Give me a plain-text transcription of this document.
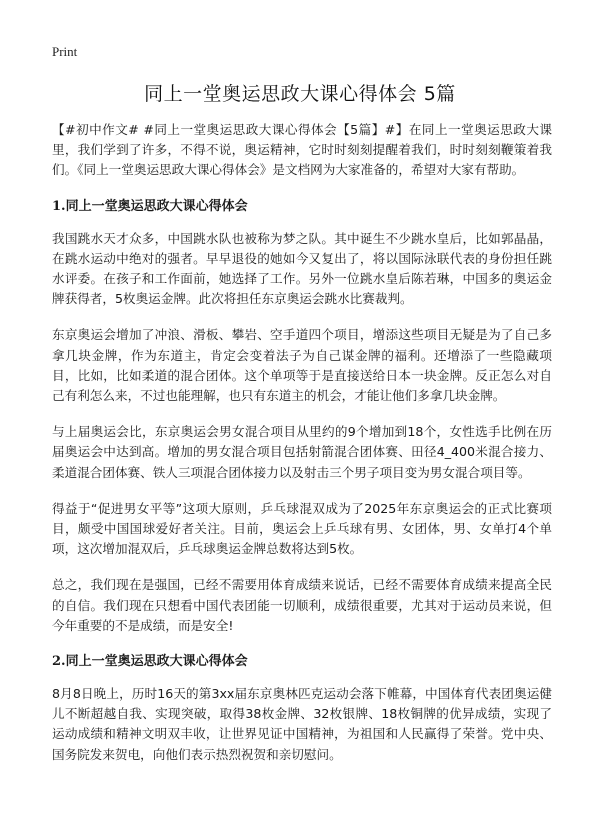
Print
同上一堂奥运思政大课心得体会 5篇

【#初中作文# #同上一堂奥运思政大课心得体会【5篇】#】在同上一堂奥运思政大课里，我们学到了许多，不得不说，奥运精神，它时时刻刻提醒着我们，时时刻刻鞭策着我们。《同上一堂奥运思政大课心得体会》是文档网为大家准备的，希望对大家有帮助。

1.同上一堂奥运思政大课心得体会

我国跳水天才众多，中国跳水队也被称为梦之队。其中诞生不少跳水皇后，比如郭晶晶，在跳水运动中绝对的强者。早早退役的她如今又复出了，将以国际泳联代表的身份担任跳水评委。在孩子和工作面前，她选择了工作。另外一位跳水皇后陈若琳，中国多的奥运金牌获得者，5枚奥运金牌。此次将担任东京奥运会跳水比赛裁判。

东京奥运会增加了冲浪、滑板、攀岩、空手道四个项目，增添这些项目无疑是为了自己多拿几块金牌，作为东道主，肯定会变着法子为自己谋金牌的福利。还增添了一些隐藏项目，比如，比如柔道的混合团体。这个单项等于是直接送给日本一块金牌。反正怎么对自己有利怎么来，不过也能理解，也只有东道主的机会，才能让他们多拿几块金牌。

与上届奥运会比，东京奥运会男女混合项目从里约的9个增加到18个，女性选手比例在历届奥运会中达到高。增加的男女混合项目包括射箭混合团体赛、田径4_400米混合接力、柔道混合团体赛、铁人三项混合团体接力以及射击三个男子项目变为男女混合项目等。

得益于“促进男女平等”这项大原则，乒乓球混双成为了2025年东京奥运会的正式比赛项目，颇受中国国球爱好者关注。目前，奥运会上乒乓球有男、女团体，男、女单打4个单项，这次增加混双后，乒乓球奥运金牌总数将达到5枚。

总之，我们现在是强国，已经不需要用体育成绩来说话，已经不需要体育成绩来提高全民的自信。我们现在只想看中国代表团能一切顺利，成绩很重要，尤其对于运动员来说，但今年重要的不是成绩，而是安全!

2.同上一堂奥运思政大课心得体会

8月8日晚上，历时16天的第3xx届东京奥林匹克运动会落下帷幕，中国体育代表团奥运健儿不断超越自我、实现突破，取得38枚金牌、32枚银牌、18枚铜牌的优异成绩，实现了运动成绩和精神文明双丰收，让世界见证中国精神，为祖国和人民赢得了荣誉。党中央、国务院发来贺电，向他们表示热烈祝贺和亲切慰问。
